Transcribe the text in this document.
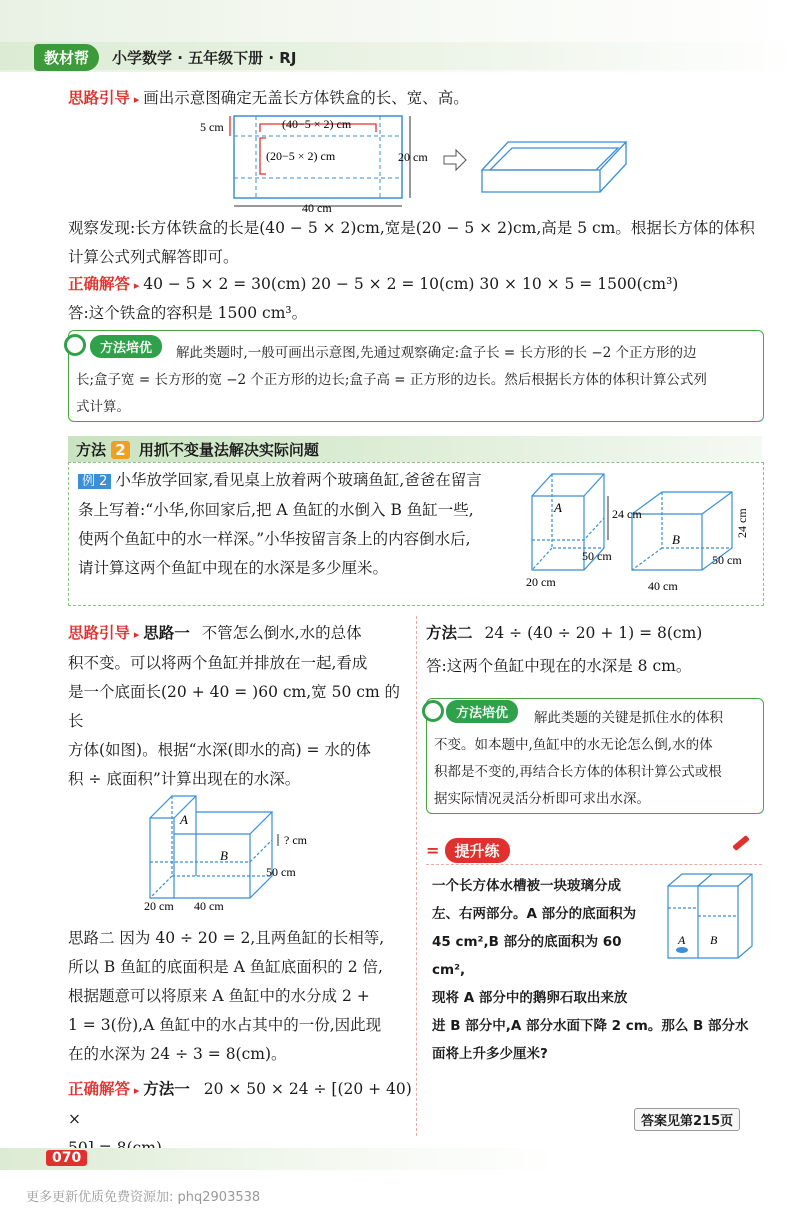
教材帮	小学数学 · 五年级下册 · RJ
思路引导 ▸ 画出示意图确定无盖长方体铁盒的长、宽、高。
5 cm	(40−5 × 2) cm
(20−5 × 2) cm	20 cm
40 cm
观察发现:长方体铁盒的长是(40 − 5 × 2)cm,宽是(20 − 5 × 2)cm,高是 5 cm。根据长方体的体积
计算公式列式解答即可。
正确解答 ▸ 40 − 5 × 2 = 30(cm) 20 − 5 × 2 = 10(cm) 30 × 10 × 5 = 1500(cm³)
答:这个铁盒的容积是 1500 cm³。
方法培优	解此类题时,一般可画出示意图,先通过观察确定:盒子长 = 长方形的长 −2 个正方形的边
长;盒子宽 = 长方形的宽 −2 个正方形的边长;盒子高 = 正方形的边长。然后根据长方体的体积计算公式列
式计算。
方法 2 用抓不变量法解决实际问题
例 2 小华放学回家,看见桌上放着两个玻璃鱼缸,爸爸在留言
条上写着:“小华,你回家后,把 A 鱼缸的水倒入 B 鱼缸一些,
使两个鱼缸中的水一样深。”小华按留言条上的内容倒水后,
请计算这两个鱼缸中现在的水深是多少厘米。
A
B
24 cm
50 cm
20 cm
24 cm
50 cm
40 cm
思路引导 ▸ 思路一 不管怎么倒水,水的总体
积不变。可以将两个鱼缸并排放在一起,看成
是一个底面长(20 + 40 = )60 cm,宽 50 cm 的长
方体(如图)。根据“水深(即水的高) = 水的体
积 ÷ 底面积”计算出现在的水深。
A
B
? cm
50 cm
20 cm 40 cm
思路二 因为 40 ÷ 20 = 2,且两鱼缸的长相等,
所以 B 鱼缸的底面积是 A 鱼缸底面积的 2 倍,
根据题意可以将原来 A 鱼缸中的水分成 2 +
1 = 3(份),A 鱼缸中的水占其中的一份,因此现
在的水深为 24 ÷ 3 = 8(cm)。
正确解答 ▸ 方法一 20 × 50 × 24 ÷ [(20 + 40) ×
方法二 24 ÷ (40 ÷ 20 + 1) = 8(cm)
答:这两个鱼缸中现在的水深是 8 cm。
方法培优	解此类题的关键是抓住水的体积
不变。如本题中,鱼缸中的水无论怎么倒,水的体
积都是不变的,再结合长方体的体积计算公式或根
据实际情况灵活分析即可求出水深。
= 提升练
一个长方体水槽被一块玻璃分成
左、右两部分。A 部分的底面积为
45 cm²,B 部分的底面积为 60 cm²,
现将 A 部分中的鹅卵石取出来放
进 B 部分中,A 部分水面下降 2 cm。那么 B 部分水
面将上升多少厘米?
A B
答案见第215页
070
更多更新优质免费资源加: phq2903538
